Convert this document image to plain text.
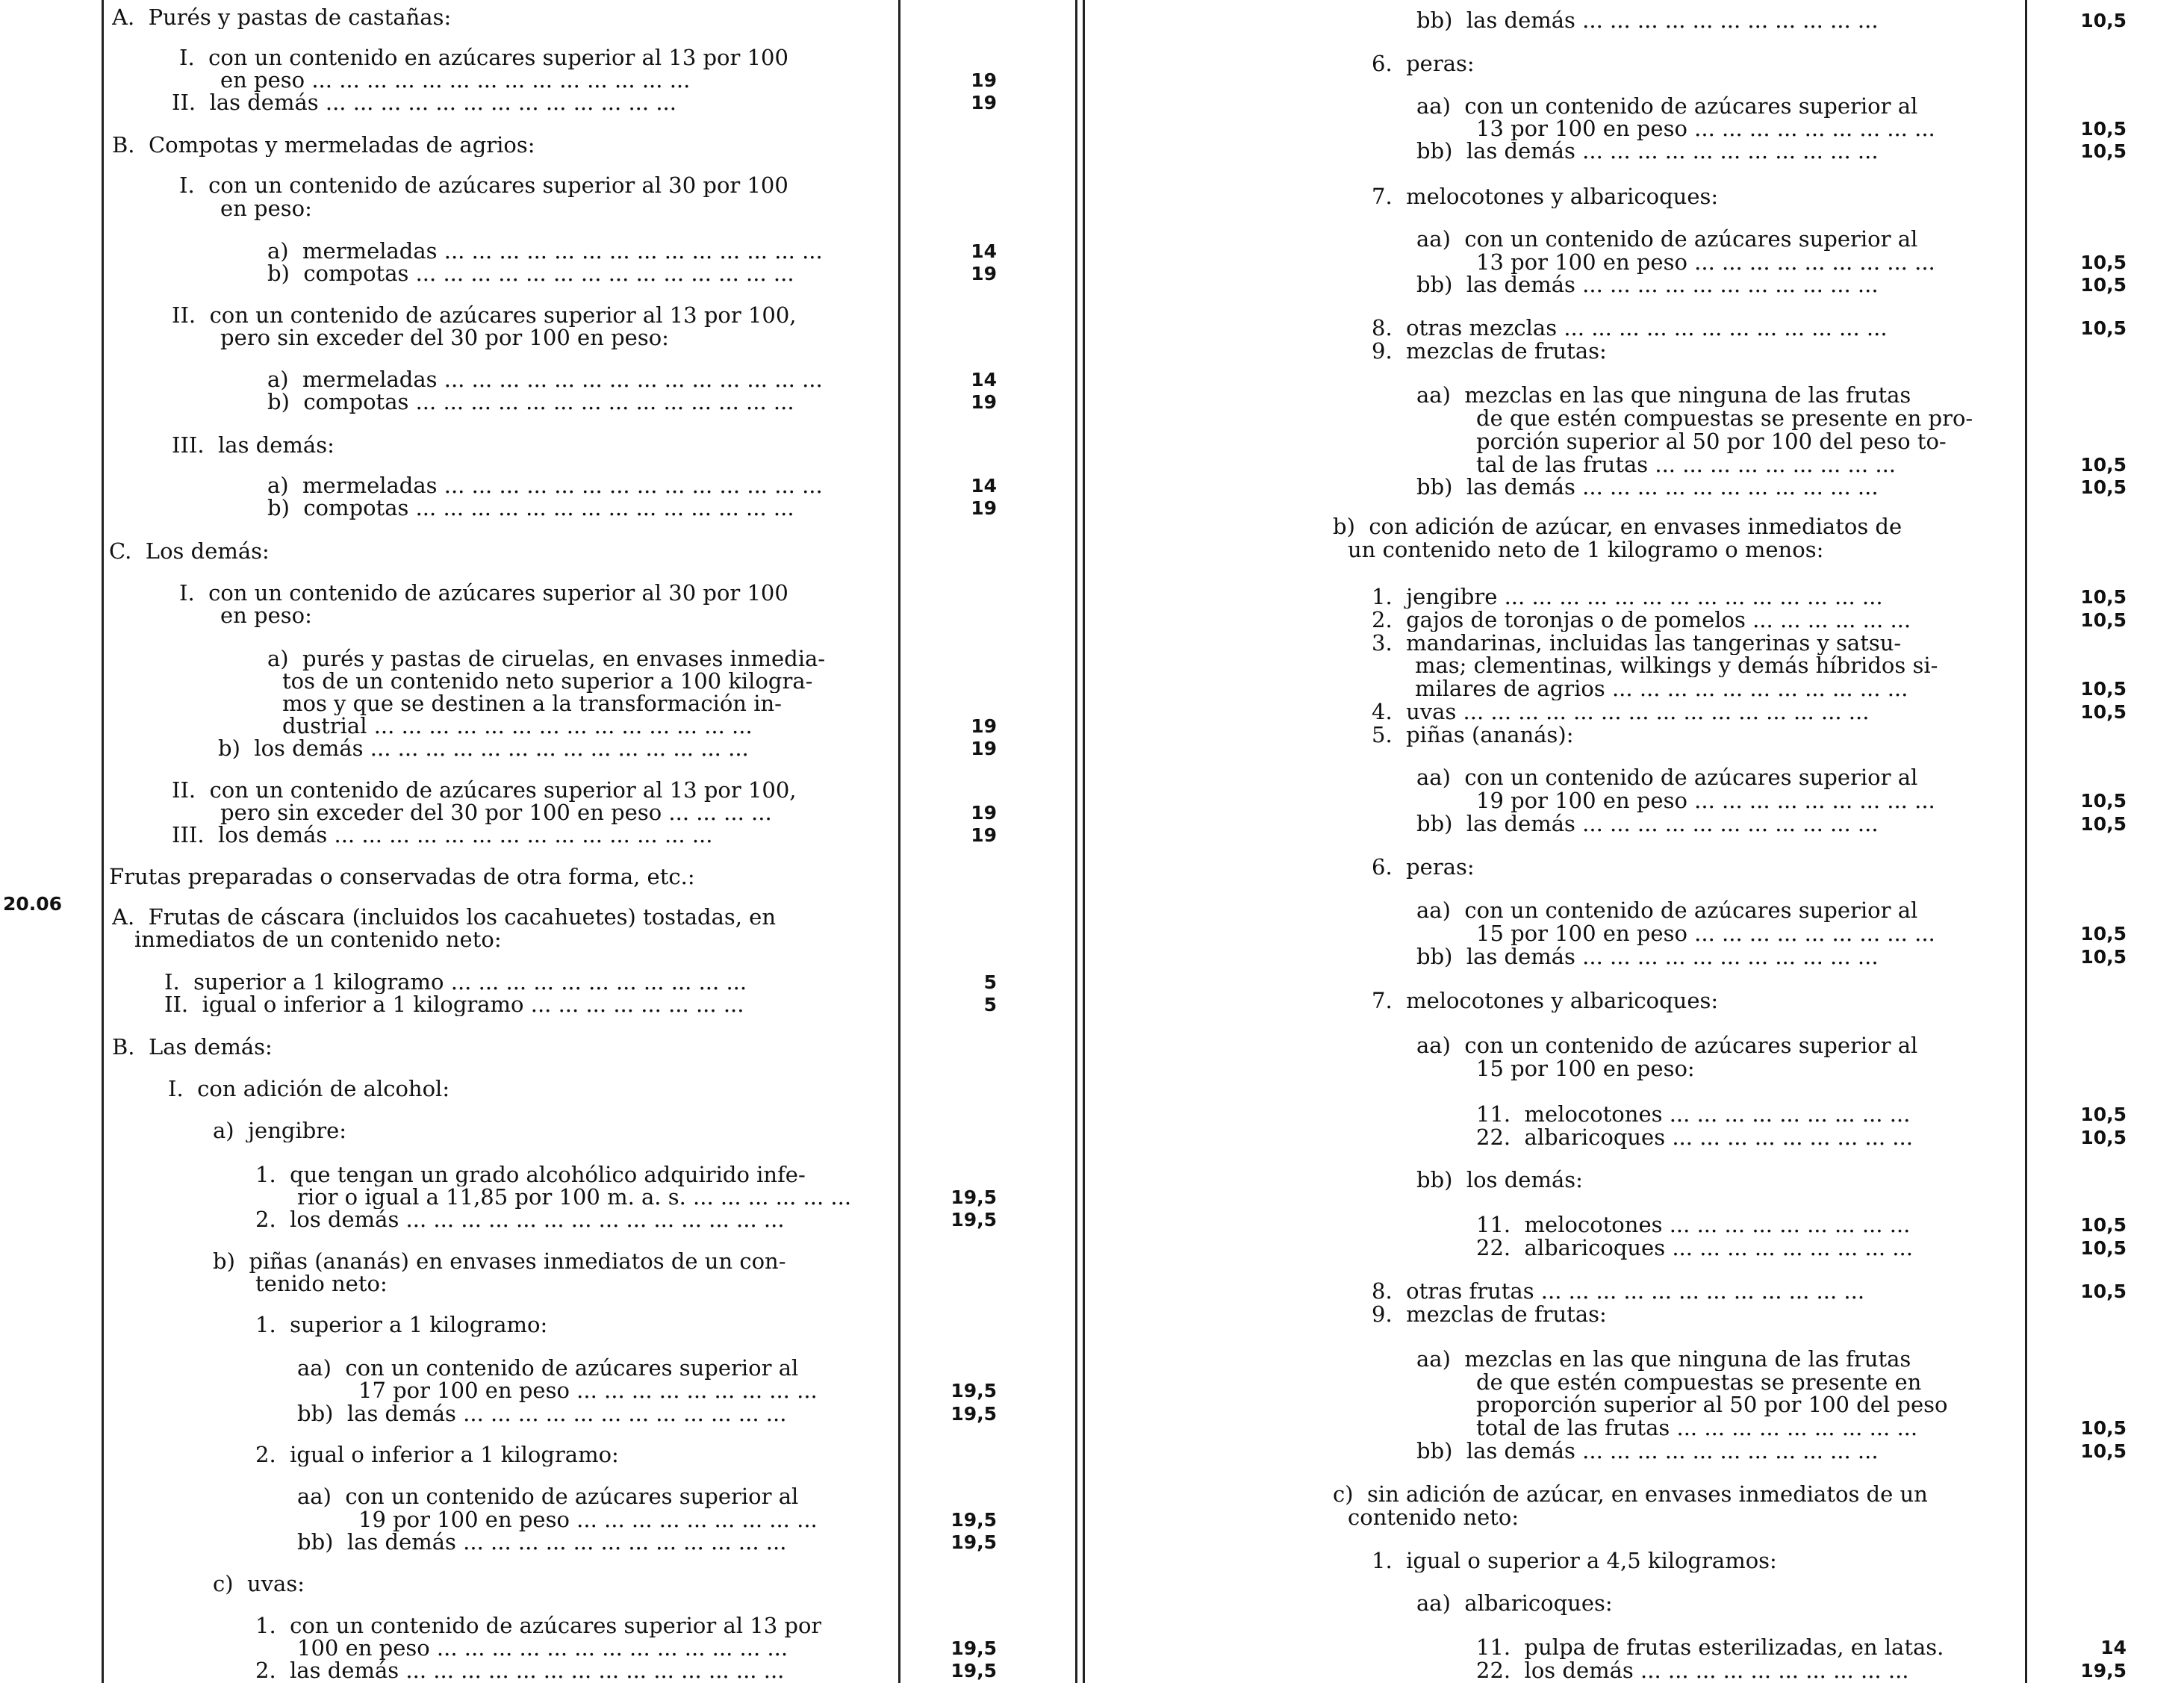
20.06
A.  Purés y pastas de castañas:
I.  con un contenido en azúcares superior al 13 por 100
en peso ... ... ... ... ... ... ... ... ... ... ... ... ... ...	19
II.  las demás ... ... ... ... ... ... ... ... ... ... ... ... ...	19
B.  Compotas y mermeladas de agrios:
I.  con un contenido de azúcares superior al 30 por 100
en peso:
a)  mermeladas ... ... ... ... ... ... ... ... ... ... ... ... ... ...	14
b)  compotas ... ... ... ... ... ... ... ... ... ... ... ... ... ...	19
II.  con un contenido de azúcares superior al 13 por 100,
pero sin exceder del 30 por 100 en peso:
a)  mermeladas ... ... ... ... ... ... ... ... ... ... ... ... ... ...	14
b)  compotas ... ... ... ... ... ... ... ... ... ... ... ... ... ...	19
III.  las demás:
a)  mermeladas ... ... ... ... ... ... ... ... ... ... ... ... ... ...	14
b)  compotas ... ... ... ... ... ... ... ... ... ... ... ... ... ...	19
C.  Los demás:
I.  con un contenido de azúcares superior al 30 por 100
en peso:
a)  purés y pastas de ciruelas, en envases inmedia-
tos de un contenido neto superior a 100 kilogra-
mos y que se destinen a la transformación in-
dustrial ... ... ... ... ... ... ... ... ... ... ... ... ... ...	19
b)  los demás ... ... ... ... ... ... ... ... ... ... ... ... ... ...	19
II.  con un contenido de azúcares superior al 13 por 100,
pero sin exceder del 30 por 100 en peso ... ... ... ...	19
III.  los demás ... ... ... ... ... ... ... ... ... ... ... ... ... ...	19
Frutas preparadas o conservadas de otra forma, etc.:
A.  Frutas de cáscara (incluidos los cacahuetes) tostadas, en
inmediatos de un contenido neto:
I.  superior a 1 kilogramo ... ... ... ... ... ... ... ... ... ... ...	5
II.  igual o inferior a 1 kilogramo ... ... ... ... ... ... ... ...	5
B.  Las demás:
I.  con adición de alcohol:
a)  jengibre:
1.  que tengan un grado alcohólico adquirido infe-
rior o igual a 11,85 por 100 m. a. s. ... ... ... ... ... ...	19,5
2.  los demás ... ... ... ... ... ... ... ... ... ... ... ... ... ...	19,5
b)  piñas (ananás) en envases inmediatos de un con-
tenido neto:
1.  superior a 1 kilogramo:
aa)  con un contenido de azúcares superior al
17 por 100 en peso ... ... ... ... ... ... ... ... ...	19,5
bb)  las demás ... ... ... ... ... ... ... ... ... ... ... ...	19,5
2.  igual o inferior a 1 kilogramo:
aa)  con un contenido de azúcares superior al
19 por 100 en peso ... ... ... ... ... ... ... ... ...	19,5
bb)  las demás ... ... ... ... ... ... ... ... ... ... ... ...	19,5
c)  uvas:
1.  con un contenido de azúcares superior al 13 por
100 en peso ... ... ... ... ... ... ... ... ... ... ... ... ...	19,5
2.  las demás ... ... ... ... ... ... ... ... ... ... ... ... ... ...	19,5
bb)  las demás ... ... ... ... ... ... ... ... ... ... ...	10,5
6.  peras:
aa)  con un contenido de azúcares superior al
13 por 100 en peso ... ... ... ... ... ... ... ... ...	10,5
bb)  las demás ... ... ... ... ... ... ... ... ... ... ...	10,5
7.  melocotones y albaricoques:
aa)  con un contenido de azúcares superior al
13 por 100 en peso ... ... ... ... ... ... ... ... ...	10,5
bb)  las demás ... ... ... ... ... ... ... ... ... ... ...	10,5
8.  otras mezclas ... ... ... ... ... ... ... ... ... ... ... ...	10,5
9.  mezclas de frutas:
aa)  mezclas en las que ninguna de las frutas
de que estén compuestas se presente en pro-
porción superior al 50 por 100 del peso to-
tal de las frutas ... ... ... ... ... ... ... ... ...	10,5
bb)  las demás ... ... ... ... ... ... ... ... ... ... ...	10,5
b)  con adición de azúcar, en envases inmediatos de
un contenido neto de 1 kilogramo o menos:
1.  jengibre ... ... ... ... ... ... ... ... ... ... ... ... ... ...	10,5
2.  gajos de toronjas o de pomelos ... ... ... ... ... ...	10,5
3.  mandarinas, incluidas las tangerinas y satsu-
mas; clementinas, wilkings y demás híbridos si-
milares de agrios ... ... ... ... ... ... ... ... ... ... ...	10,5
4.  uvas ... ... ... ... ... ... ... ... ... ... ... ... ... ... ...	10,5
5.  piñas (ananás):
aa)  con un contenido de azúcares superior al
19 por 100 en peso ... ... ... ... ... ... ... ... ...	10,5
bb)  las demás ... ... ... ... ... ... ... ... ... ... ...	10,5
6.  peras:
aa)  con un contenido de azúcares superior al
15 por 100 en peso ... ... ... ... ... ... ... ... ...	10,5
bb)  las demás ... ... ... ... ... ... ... ... ... ... ...	10,5
7.  melocotones y albaricoques:
aa)  con un contenido de azúcares superior al
15 por 100 en peso:
11.  melocotones ... ... ... ... ... ... ... ... ...	10,5
22.  albaricoques ... ... ... ... ... ... ... ... ...	10,5
bb)  los demás:
11.  melocotones ... ... ... ... ... ... ... ... ...	10,5
22.  albaricoques ... ... ... ... ... ... ... ... ...	10,5
8.  otras frutas ... ... ... ... ... ... ... ... ... ... ... ...	10,5
9.  mezclas de frutas:
aa)  mezclas en las que ninguna de las frutas
de que estén compuestas se presente en
proporción superior al 50 por 100 del peso
total de las frutas ... ... ... ... ... ... ... ... ...	10,5
bb)  las demás ... ... ... ... ... ... ... ... ... ... ...	10,5
c)  sin adición de azúcar, en envases inmediatos de un
contenido neto:
1.  igual o superior a 4,5 kilogramos:
aa)  albaricoques:
11.  pulpa de frutas esterilizadas, en latas.	14
22.  los demás ... ... ... ... ... ... ... ... ... ...	19,5
